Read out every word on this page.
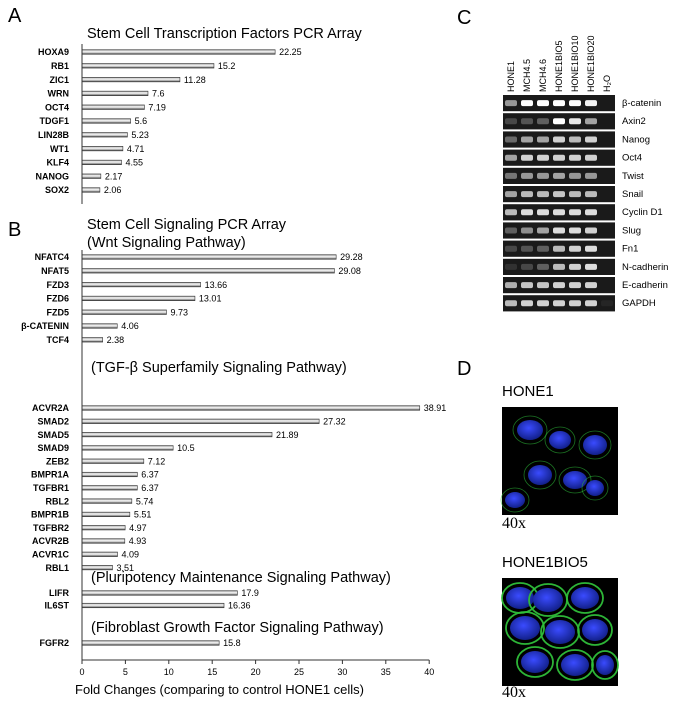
A
Stem Cell Transcription Factors PCR Array
HOXA9	22.25
RB1	15.2
ZIC1	11.28
WRN	7.6
OCT4	7.19
TDGF1	5.6
LIN28B	5.23
WT1	4.71
KLF4	4.55
NANOG	2.17
SOX2	2.06
B	Stem Cell Signaling PCR Array
(Wnt Signaling Pathway)
NFATC4	29.28
NFAT5	29.08
FZD3	13.66
FZD6	13.01
FZD5	9.73
β-CATENIN	4.06
TCF4	2.38
(TGF-β Superfamily Signaling Pathway)
ACVR2A	38.91
SMAD2	27.32
SMAD5	21.89
SMAD9	10.5
ZEB2	7.12
BMPR1A	6.37
TGFBR1	6.37
RBL2	5.74
BMPR1B	5.51
TGFBR2	4.97
ACVR2B	4.93
ACVR1C	4.09
RBL1	3.51
(Pluripotency Maintenance Signaling Pathway)
LIFR	17.9
IL6ST	16.36
(Fibroblast Growth Factor Signaling Pathway)
FGFR2	15.8
0	5	10	15	20	25	30	35	40
Fold Changes (comparing to control HONE1 cells)
C
HONE1 MCH4.5 MCH4.6 HONE1BIO5 HONE1BIO10 HONE1BIO20 H₂O
β-catenin
Axin2
Nanog
Oct4
Twist
Snail
Cyclin D1
Slug
Fn1
N-cadherin
E-cadherin
GAPDH
D
HONE1
40x
HONE1BIO5
40x
